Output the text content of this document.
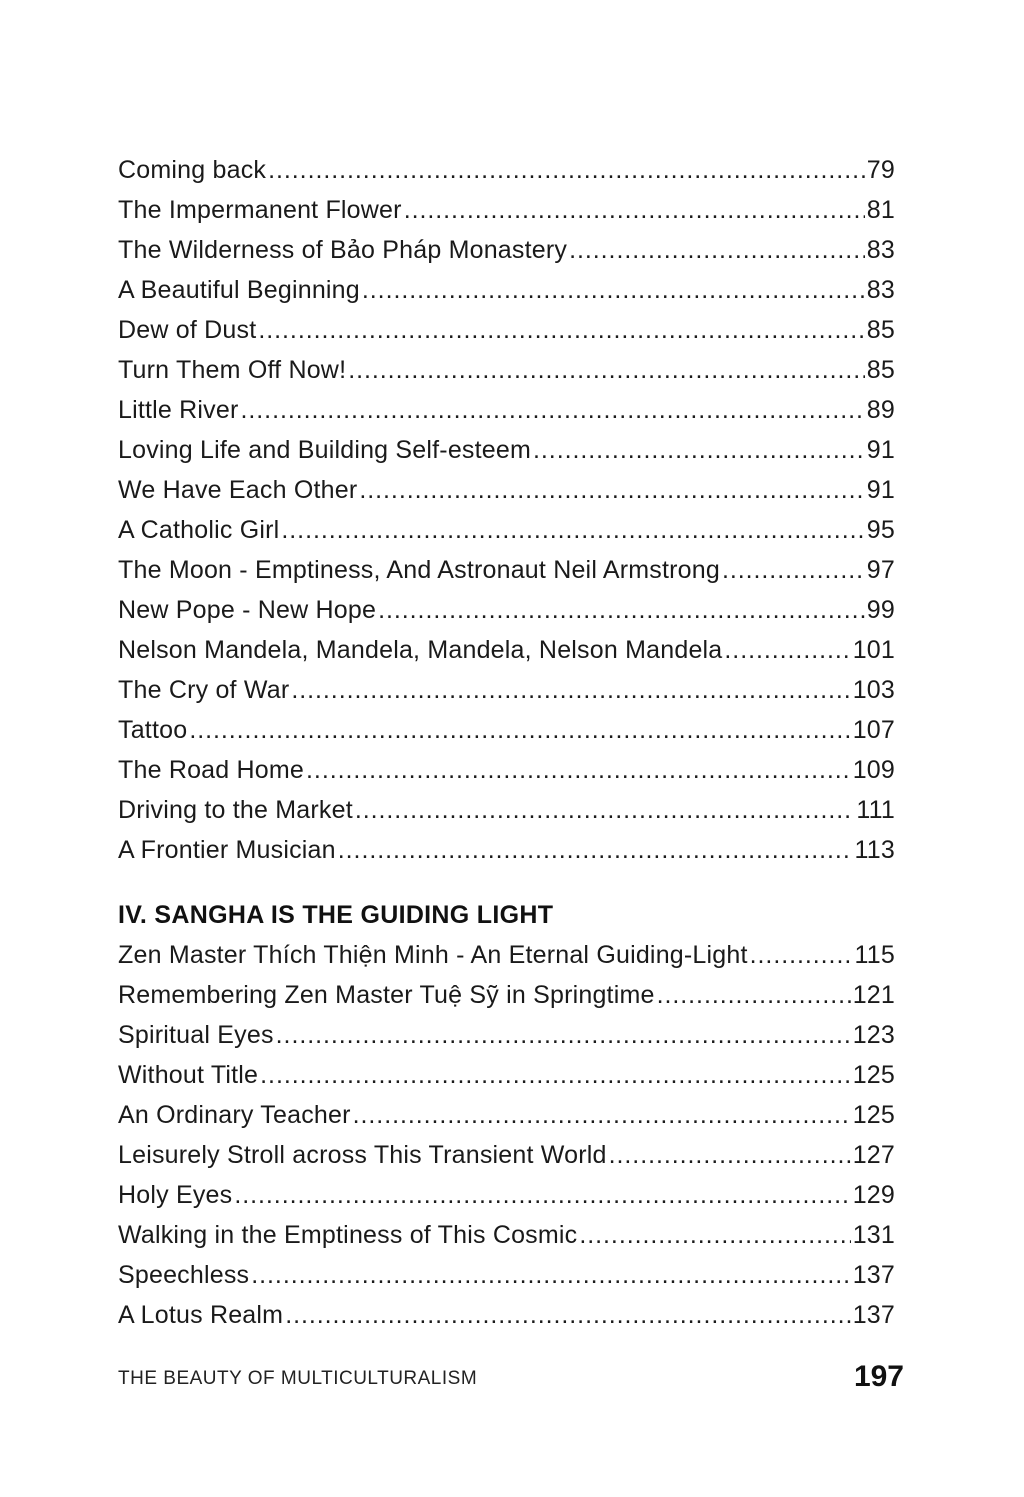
Coming back . . .	79
The Impermanent Flower . . .	81
The Wilderness of Bảo Pháp Monastery . . .	83
A Beautiful Beginning . . .	83
Dew of Dust . . .	85
Turn Them Off Now! . . .	85
Little River . . .	89
Loving Life and Building Self-esteem . . .	91
We Have Each Other . . .	91
A Catholic Girl . . .	95
The Moon - Emptiness, And Astronaut Neil Armstrong . . .	97
New Pope - New Hope . . .	99
Nelson Mandela, Mandela, Mandela, Nelson Mandela . . .	101
The Cry of War . . .	103
Tattoo . . .	107
The Road Home . . .	109
Driving to the Market . . .	111
A Frontier Musician . . .	113
IV. SANGHA IS THE GUIDING LIGHT
Zen Master Thích Thiện Minh - An Eternal Guiding-Light . . .	115
Remembering Zen Master Tuệ Sỹ in Springtime . . .	121
Spiritual Eyes . . .	123
Without Title . . .	125
An Ordinary Teacher . . .	125
Leisurely Stroll across This Transient World . . .	127
Holy Eyes . . .	129
Walking in the Emptiness of This Cosmic . . .	131
Speechless . . .	137
A Lotus Realm . . .	137
THE BEAUTY OF MULTICULTURALISM	197
